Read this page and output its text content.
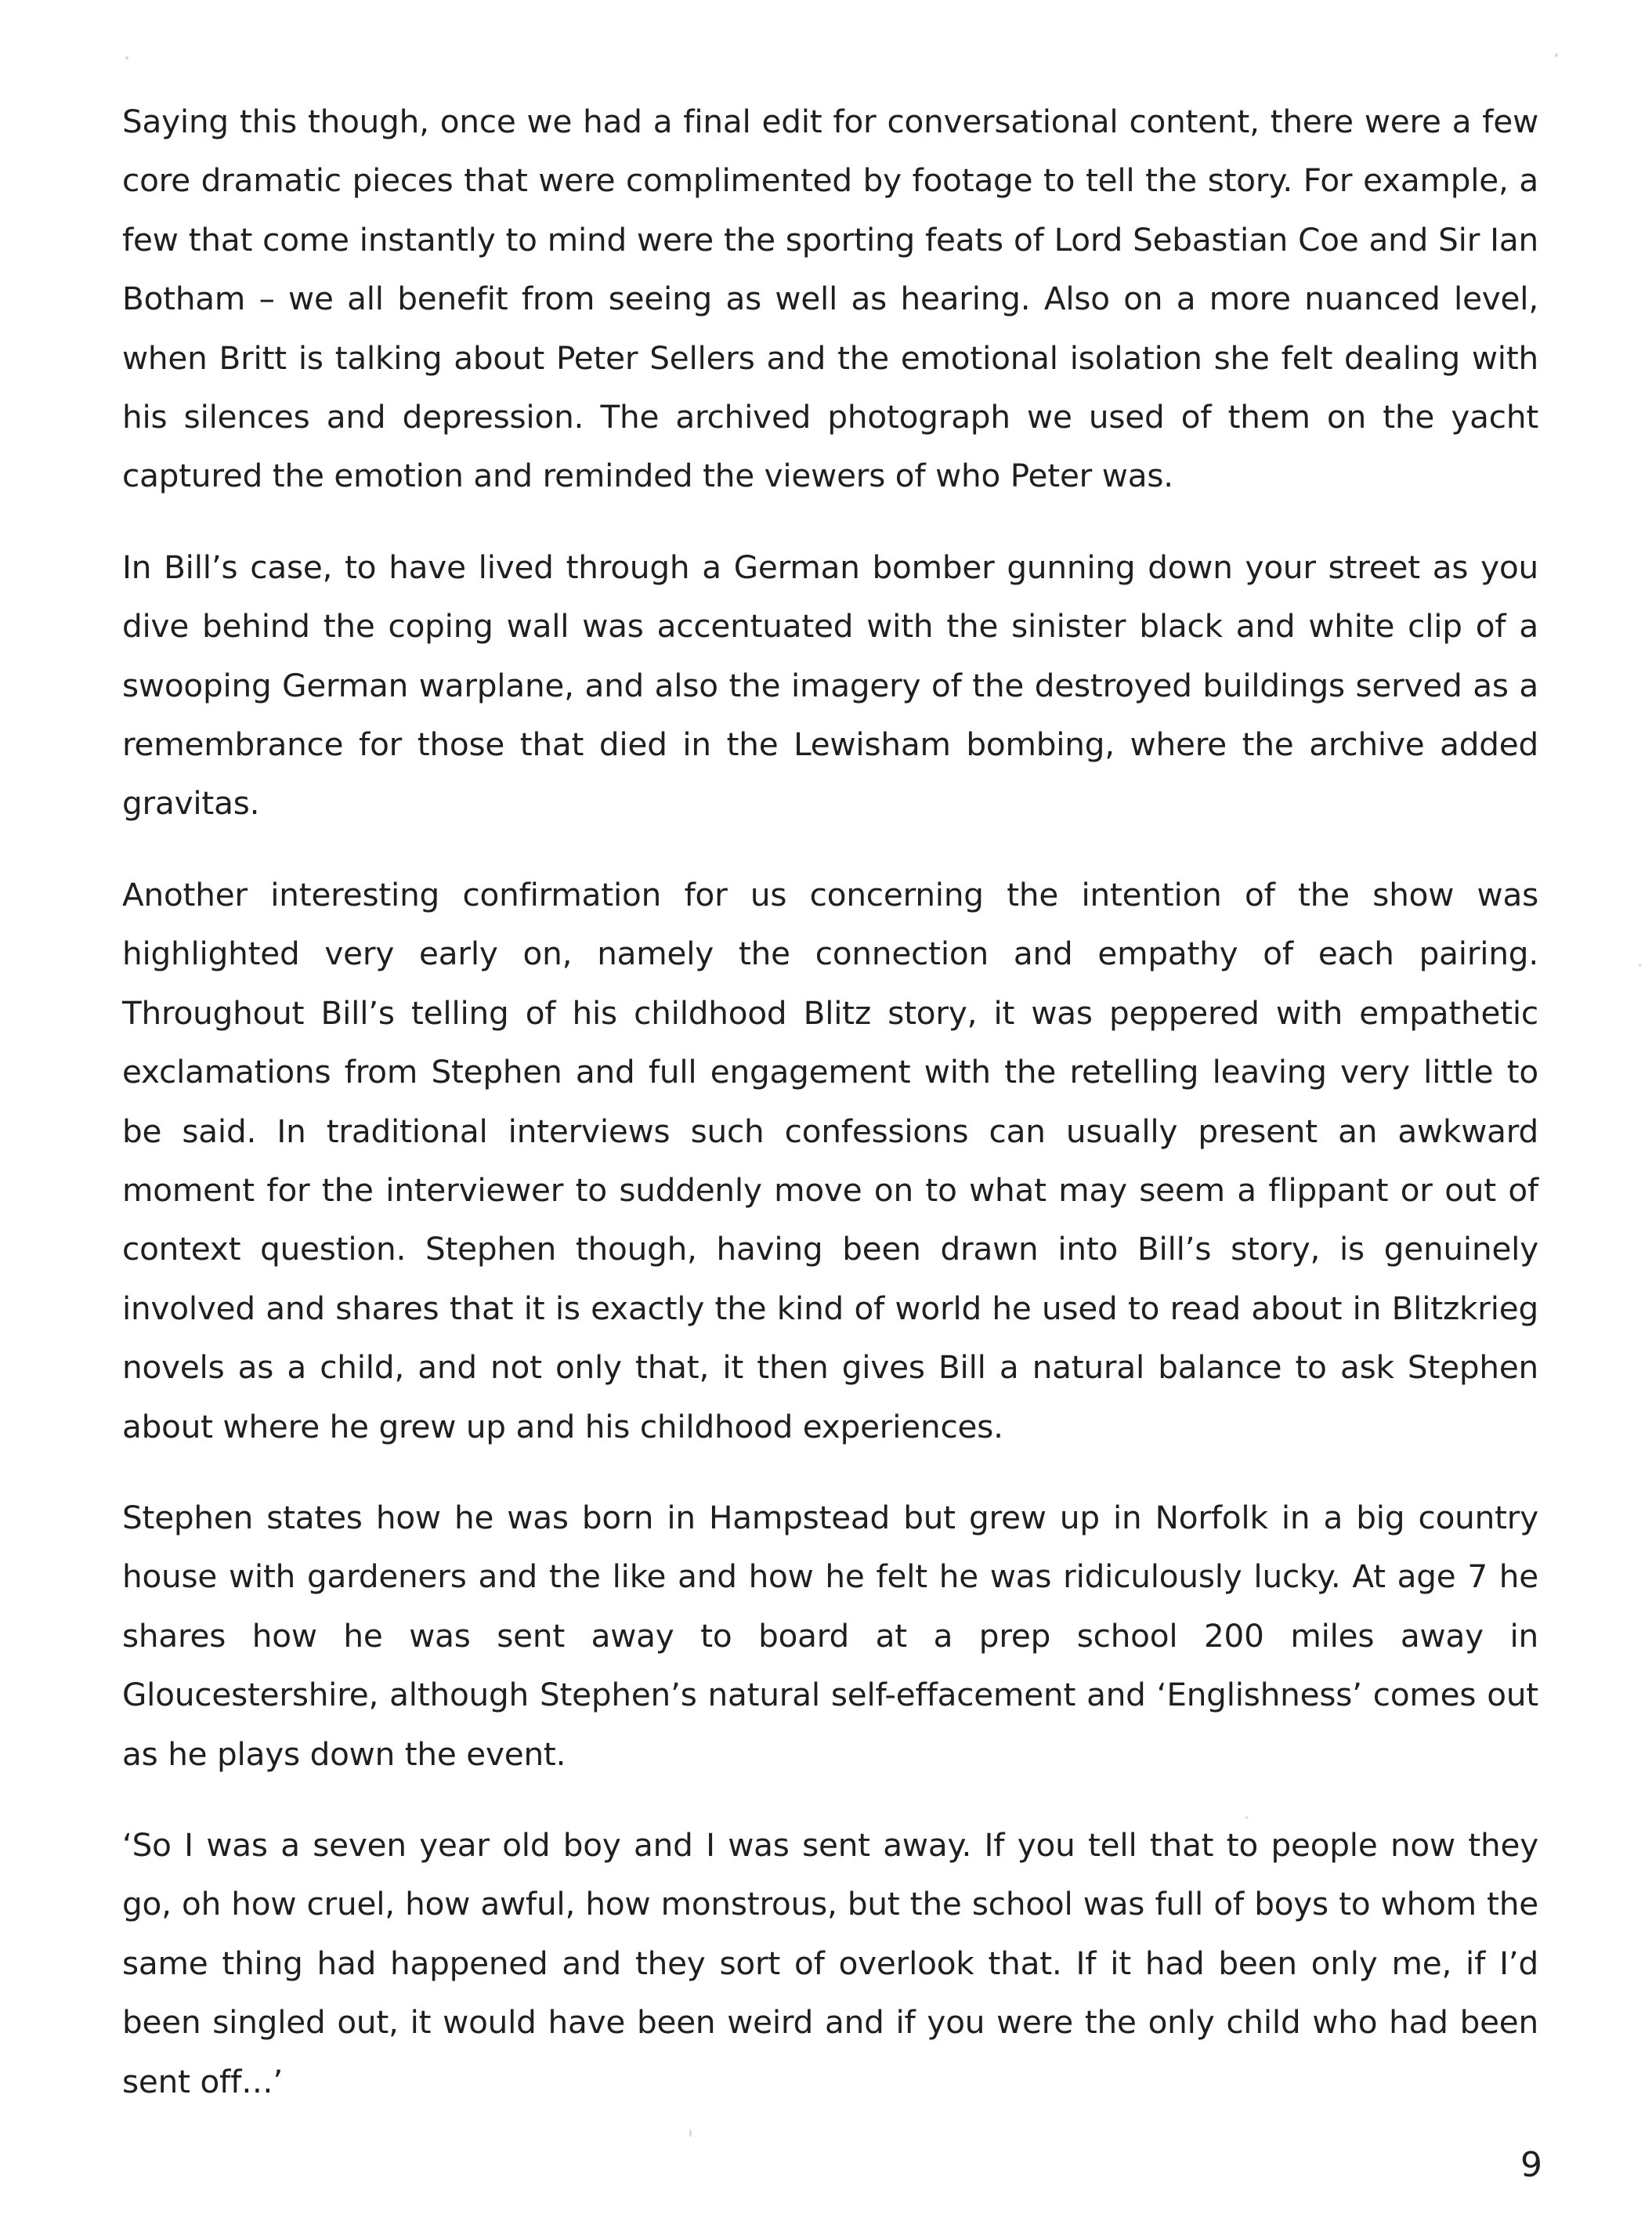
Saying this though, once we had a final edit for conversational content, there were a few core dramatic pieces that were complimented by footage to tell the story. For example, a few that come instantly to mind were the sporting feats of Lord Sebastian Coe and Sir Ian Botham – we all benefit from seeing as well as hearing. Also on a more nuanced level, when Britt is talking about Peter Sellers and the emotional isolation she felt dealing with his silences and depression. The archived photograph we used of them on the yacht captured the emotion and reminded the viewers of who Peter was.

In Bill’s case, to have lived through a German bomber gunning down your street as you dive behind the coping wall was accentuated with the sinister black and white clip of a swooping German warplane, and also the imagery of the destroyed buildings served as a remembrance for those that died in the Lewisham bombing, where the archive added gravitas.

Another interesting confirmation for us concerning the intention of the show was highlighted very early on, namely the connection and empathy of each pairing. Throughout Bill’s telling of his childhood Blitz story, it was peppered with empathetic exclamations from Stephen and full engagement with the retelling leaving very little to be said. In traditional interviews such confessions can usually present an awkward moment for the interviewer to suddenly move on to what may seem a flippant or out of context question. Stephen though, having been drawn into Bill’s story, is genuinely involved and shares that it is exactly the kind of world he used to read about in Blitzkrieg novels as a child, and not only that, it then gives Bill a natural balance to ask Stephen about where he grew up and his childhood experiences.

Stephen states how he was born in Hampstead but grew up in Norfolk in a big country house with gardeners and the like and how he felt he was ridiculously lucky. At age 7 he shares how he was sent away to board at a prep school 200 miles away in Gloucestershire, although Stephen’s natural self-effacement and ‘Englishness’ comes out as he plays down the event.

‘So I was a seven year old boy and I was sent away. If you tell that to people now they go, oh how cruel, how awful, how monstrous, but the school was full of boys to whom the same thing had happened and they sort of overlook that. If it had been only me, if I’d been singled out, it would have been weird and if you were the only child who had been sent off…’

9
